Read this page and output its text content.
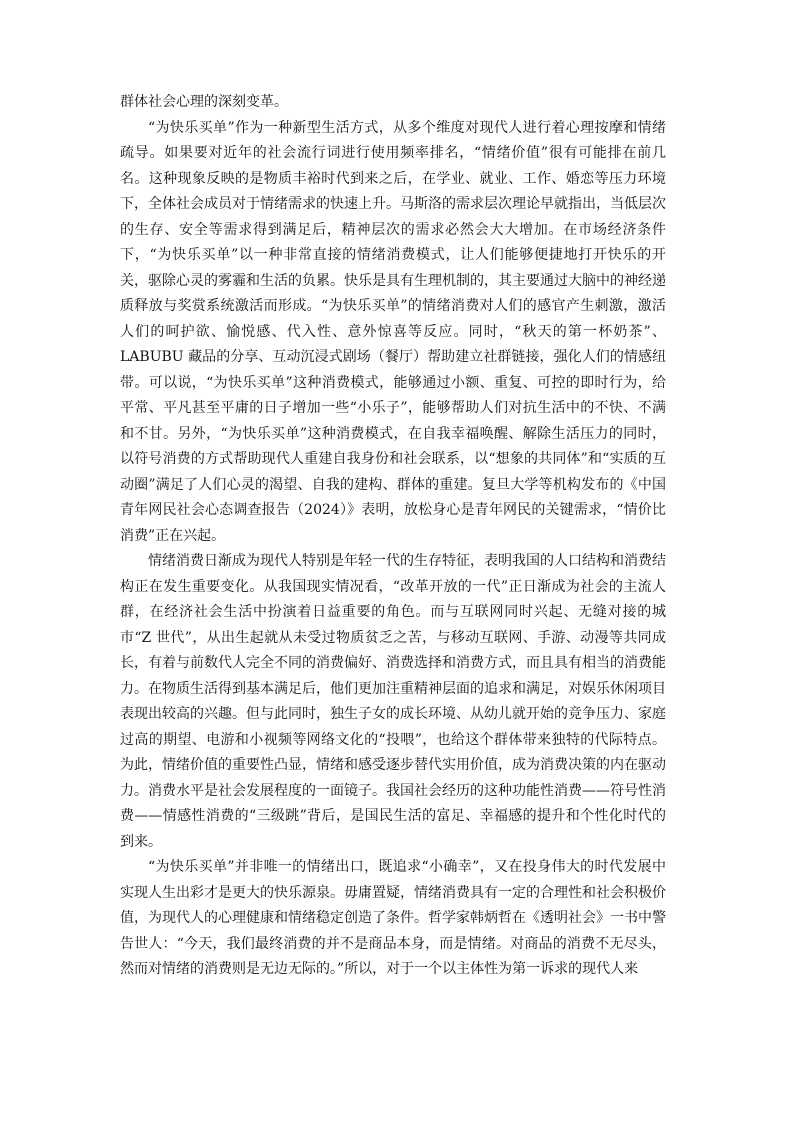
群体社会心理的深刻变革。

“为快乐买单”作为一种新型生活方式，从多个维度对现代人进行着心理按摩和情绪疏导。如果要对近年的社会流行词进行使用频率排名，“情绪价值”很有可能排在前几名。这种现象反映的是物质丰裕时代到来之后，在学业、就业、工作、婚恋等压力环境下，全体社会成员对于情绪需求的快速上升。马斯洛的需求层次理论早就指出，当低层次的生存、安全等需求得到满足后，精神层次的需求必然会大大增加。在市场经济条件下，“为快乐买单”以一种非常直接的情绪消费模式，让人们能够便捷地打开快乐的开关，驱除心灵的雾霾和生活的负累。快乐是具有生理机制的，其主要通过大脑中的神经递质释放与奖赏系统激活而形成。“为快乐买单”的情绪消费对人们的感官产生刺激，激活人们的呵护欲、愉悦感、代入性、意外惊喜等反应。同时，“秋天的第一杯奶茶”、LABUBU 藏品的分享、互动沉浸式剧场（餐厅）帮助建立社群链接，强化人们的情感纽带。可以说，“为快乐买单”这种消费模式，能够通过小额、重复、可控的即时行为，给平常、平凡甚至平庸的日子增加一些“小乐子”，能够帮助人们对抗生活中的不快、不满和不甘。另外，“为快乐买单”这种消费模式，在自我幸福唤醒、解除生活压力的同时，以符号消费的方式帮助现代人重建自我身份和社会联系，以“想象的共同体”和“实质的互动圈”满足了人们心灵的渴望、自我的建构、群体的重建。复旦大学等机构发布的《中国青年网民社会心态调查报告（2024）》表明，放松身心是青年网民的关键需求，“情价比消费”正在兴起。

情绪消费日渐成为现代人特别是年轻一代的生存特征，表明我国的人口结构和消费结构正在发生重要变化。从我国现实情况看，“改革开放的一代”正日渐成为社会的主流人群，在经济社会生活中扮演着日益重要的角色。而与互联网同时兴起、无缝对接的城市“Z 世代”，从出生起就从未受过物质贫乏之苦，与移动互联网、手游、动漫等共同成长，有着与前数代人完全不同的消费偏好、消费选择和消费方式，而且具有相当的消费能力。在物质生活得到基本满足后，他们更加注重精神层面的追求和满足，对娱乐休闲项目表现出较高的兴趣。但与此同时，独生子女的成长环境、从幼儿就开始的竞争压力、家庭过高的期望、电游和小视频等网络文化的“投喂”，也给这个群体带来独特的代际特点。为此，情绪价值的重要性凸显，情绪和感受逐步替代实用价值，成为消费决策的内在驱动力。消费水平是社会发展程度的一面镜子。我国社会经历的这种功能性消费——符号性消费——情感性消费的“三级跳”背后，是国民生活的富足、幸福感的提升和个性化时代的到来。

“为快乐买单”并非唯一的情绪出口，既追求“小确幸”，又在投身伟大的时代发展中实现人生出彩才是更大的快乐源泉。毋庸置疑，情绪消费具有一定的合理性和社会积极价值，为现代人的心理健康和情绪稳定创造了条件。哲学家韩炳哲在《透明社会》一书中警告世人：“今天，我们最终消费的并不是商品本身，而是情绪。对商品的消费不无尽头，然而对情绪的消费则是无边无际的。”所以，对于一个以主体性为第一诉求的现代人来
